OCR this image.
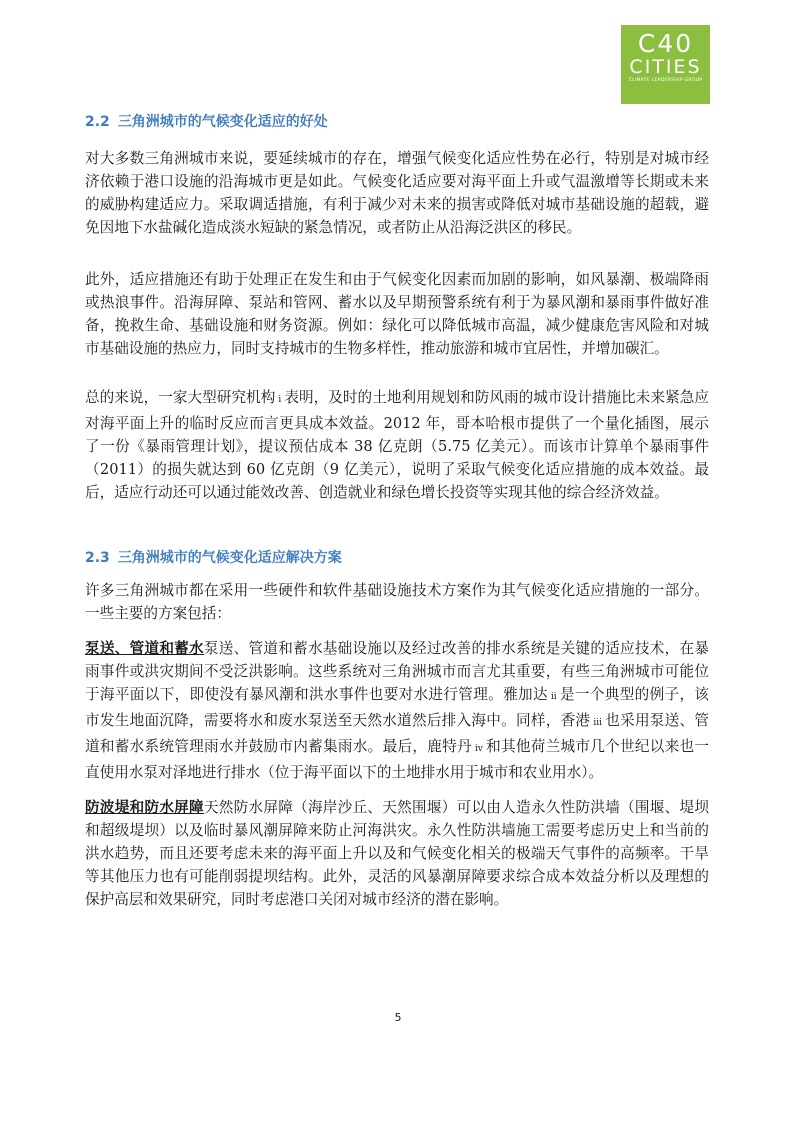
C40
CITIES
CLIMATE LEADERSHIP GROUP
2.2 三角洲城市的气候变化适应的好处
对大多数三角洲城市来说，要延续城市的存在，增强气候变化适应性势在必行，特别是对城市经济依赖于港口设施的沿海城市更是如此。气候变化适应要对海平面上升或气温激增等长期或未来的威胁构建适应力。采取调适措施，有利于减少对未来的损害或降低对城市基础设施的超载，避免因地下水盐碱化造成淡水短缺的紧急情况，或者防止从沿海泛洪区的移民。
此外，适应措施还有助于处理正在发生和由于气候变化因素而加剧的影响，如风暴潮、极端降雨或热浪事件。沿海屏障、泵站和管网、蓄水以及早期预警系统有利于为暴风潮和暴雨事件做好准备，挽救生命、基础设施和财务资源。例如：绿化可以降低城市高温，减少健康危害风险和对城市基础设施的热应力，同时支持城市的生物多样性，推动旅游和城市宜居性，并增加碳汇。
总的来说，一家大型研究机构 i 表明，及时的土地利用规划和防风雨的城市设计措施比未来紧急应对海平面上升的临时反应而言更具成本效益。2012 年，哥本哈根市提供了一个量化插图，展示了一份《暴雨管理计划》，提议预估成本 38 亿克朗（5.75 亿美元）。而该市计算单个暴雨事件（2011）的损失就达到 60 亿克朗（9 亿美元），说明了采取气候变化适应措施的成本效益。最后，适应行动还可以通过能效改善、创造就业和绿色增长投资等实现其他的综合经济效益。
2.3 三角洲城市的气候变化适应解决方案
许多三角洲城市都在采用一些硬件和软件基础设施技术方案作为其气候变化适应措施的一部分。一些主要的方案包括：
泵送、管道和蓄水泵送、管道和蓄水基础设施以及经过改善的排水系统是关键的适应技术，在暴雨事件或洪灾期间不受泛洪影响。这些系统对三角洲城市而言尤其重要，有些三角洲城市可能位于海平面以下，即使没有暴风潮和洪水事件也要对水进行管理。雅加达 ii 是一个典型的例子，该市发生地面沉降，需要将水和废水泵送至天然水道然后排入海中。同样，香港 iii 也采用泵送、管道和蓄水系统管理雨水并鼓励市内蓄集雨水。最后，鹿特丹 iv 和其他荷兰城市几个世纪以来也一直使用水泵对泽地进行排水（位于海平面以下的土地排水用于城市和农业用水）。
防波堤和防水屏障天然防水屏障（海岸沙丘、天然围堰）可以由人造永久性防洪墙（围堰、堤坝和超级堤坝）以及临时暴风潮屏障来防止河海洪灾。永久性防洪墙施工需要考虑历史上和当前的洪水趋势，而且还要考虑未来的海平面上升以及和气候变化相关的极端天气事件的高频率。干旱等其他压力也有可能削弱提坝结构。此外，灵活的风暴潮屏障要求综合成本效益分析以及理想的保护高层和效果研究，同时考虑港口关闭对城市经济的潜在影响。
5
